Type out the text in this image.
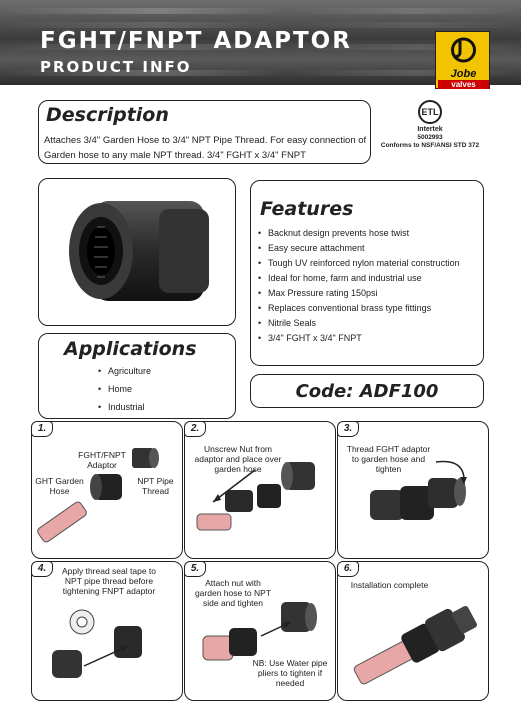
FGHT/FNPT ADAPTOR
PRODUCT INFO	Jobe
valves
Description
Attaches 3/4" Garden Hose to 3/4" NPT Pipe Thread. For easy connection of Garden hose to any male NPT thread. 3/4" FGHT x 3/4" FNPT
ETL
Intertek
5002993
Conforms to NSF/ANSI STD 372
Applications
• Agriculture
• Home
• Industrial
Features
• Backnut design prevents hose twist
• Easy secure attachment
• Tough UV reinforced nylon material construction
• Ideal for home, farm and industrial use
• Max Pressure rating 150psi
• Replaces conventional brass type fittings
• Nitrile Seals
• 3/4" FGHT x 3/4" FNPT
Code: ADF100
1.
FGHT/FNPT Adaptor
GHT Garden Hose
NPT Pipe Thread
2.
Unscrew Nut from adaptor and place over garden hose
3.
Thread FGHT adaptor to garden hose and tighten
4.	Apply thread seal tape to NPT pipe thread before tightening FNPT adaptor
5.
Attach nut with garden hose to NPT side and tighten
NB: Use Water pipe pliers to tighten if needed
6.
Installation complete
